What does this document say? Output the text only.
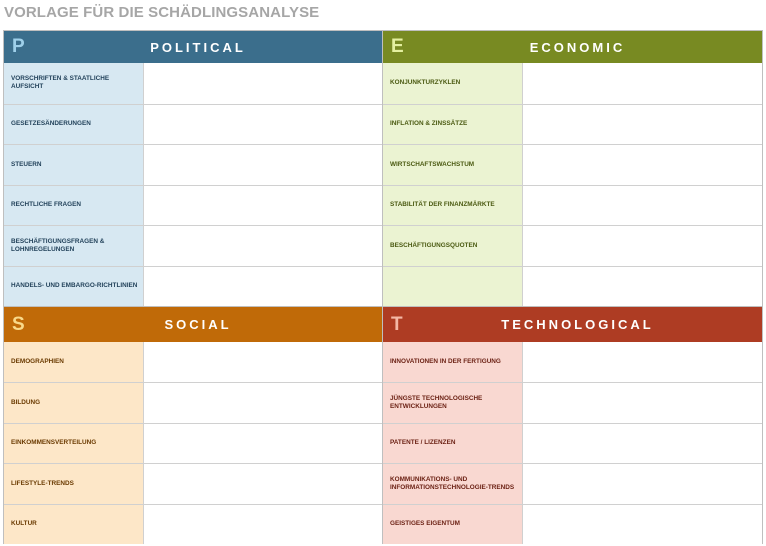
VORLAGE FÜR DIE SCHÄDLINGSANALYSE
P	POLITICAL
VORSCHRIFTEN & STAATLICHE AUFSICHT
GESETZESÄNDERUNGEN
STEUERN
RECHTLICHE FRAGEN
BESCHÄFTIGUNGSFRAGEN & LOHNREGELUNGEN
HANDELS- UND EMBARGO-RICHTLINIEN
E	ECONOMIC
KONJUNKTURZYKLEN
INFLATION & ZINSSÄTZE
WIRTSCHAFTSWACHSTUM
STABILITÄT DER FINANZMÄRKTE
BESCHÄFTIGUNGSQUOTEN
S	SOCIAL
DEMOGRAPHIEN
BILDUNG
EINKOMMENSVERTEILUNG
LIFESTYLE-TRENDS
KULTUR
T	TECHNOLOGICAL
INNOVATIONEN IN DER FERTIGUNG
JÜNGSTE TECHNOLOGISCHE ENTWICKLUNGEN
PATENTE / LIZENZEN
KOMMUNIKATIONS- UND INFORMATIONSTECHNOLOGIE-TRENDS
GEISTIGES EIGENTUM
